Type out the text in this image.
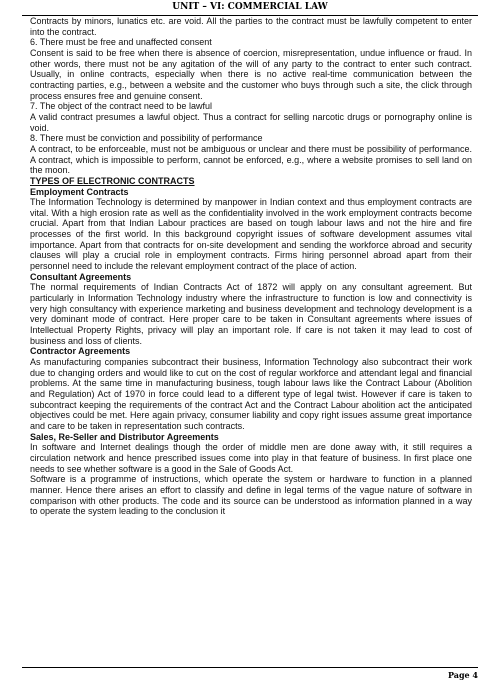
UNIT – VI: COMMERCIAL LAW

Contracts by minors, lunatics etc. are void. All the parties to the contract must be lawfully competent to enter into the contract.

6. There must be free and unaffected consent

Consent is said to be free when there is absence of coercion, misrepresentation, undue influence or fraud. In other words, there must not be any agitation of the will of any party to the contract to enter such contract. Usually, in online contracts, especially when there is no active real-time communication between the contracting parties, e.g., between a website and the customer who buys through such a site, the click through process ensures free and genuine consent.

7. The object of the contract need to be lawful

A valid contract presumes a lawful object. Thus a contract for selling narcotic drugs or pornography online is void.

8. There must be conviction and possibility of performance

A contract, to be enforceable, must not be ambiguous or unclear and there must be possibility of performance. A contract, which is impossible to perform, cannot be enforced, e.g., where a website promises to sell land on the moon.

TYPES OF ELECTRONIC CONTRACTS
Employment Contracts

The Information Technology is determined by manpower in Indian context and thus employment contracts are vital. With a high erosion rate as well as the confidentiality involved in the work employment contracts become crucial. Apart from that Indian Labour practices are based on tough labour laws and not the hire and fire processes of the first world. In this background copyright issues of software development assumes vital importance. Apart from that contracts for on-site development and sending the workforce abroad and security clauses will play a crucial role in employment contracts. Firms hiring personnel abroad apart from their personnel need to include the relevant employment contract of the place of action.

Consultant Agreements

The normal requirements of Indian Contracts Act of 1872 will apply on any consultant agreement. But particularly in Information Technology industry where the infrastructure to function is low and connectivity is very high consultancy with experience marketing and business development and technology development is a very dominant mode of contract. Here proper care to be taken in Consultant agreements where issues of Intellectual Property Rights, privacy will play an important role. If care is not taken it may lead to cost of business and loss of clients.

Contractor Agreements

As manufacturing companies subcontract their business, Information Technology also subcontract their work due to changing orders and would like to cut on the cost of regular workforce and attendant legal and financial problems. At the same time in manufacturing business, tough labour laws like the Contract Labour (Abolition and Regulation) Act of 1970 in force could lead to a different type of legal twist. However if care is taken to subcontract keeping the requirements of the contract Act and the Contract Labour abolition act the anticipated objectives could be met. Here again privacy, consumer liability and copy right issues assume great importance and care to be taken in representation such contracts.

Sales, Re-Seller and Distributor Agreements

In software and Internet dealings though the order of middle men are done away with, it still requires a circulation network and hence prescribed issues come into play in that feature of business. In first place one needs to see whether software is a good in the Sale of Goods Act.

Software is a programme of instructions, which operate the system or hardware to function in a planned manner. Hence there arises an effort to classify and define in legal terms of the vague nature of software in comparison with other products. The code and its source can be understood as information planned in a way to operate the system leading to the conclusion it

Page 4
